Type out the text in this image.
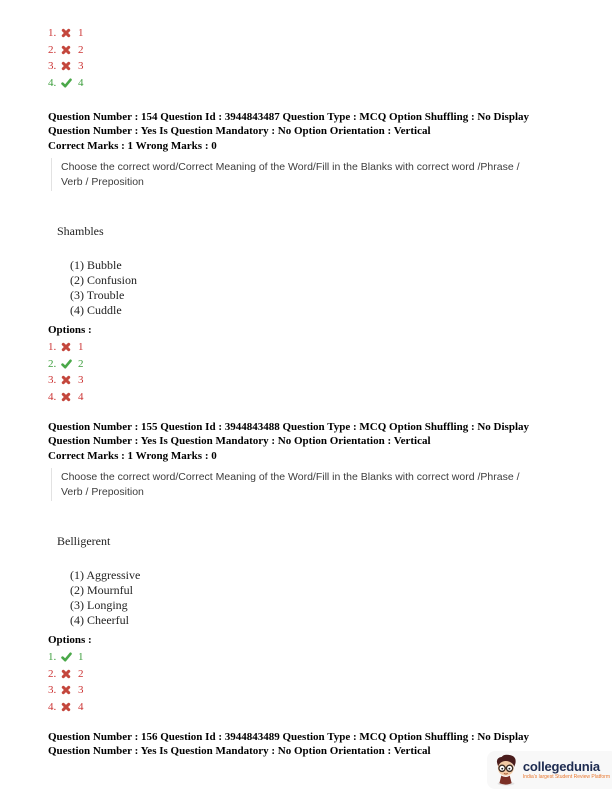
1.	1
2.	2
3.	3
4.	4

Question Number : 154 Question Id : 3944843487 Question Type : MCQ Option Shuffling : No Display

Question Number : Yes Is Question Mandatory : No Option Orientation : Vertical

Correct Marks : 1 Wrong Marks : 0

Choose the correct word/Correct Meaning of the Word/Fill in the Blanks with correct word /Phrase / Verb / Preposition

Shambles

(1) Bubble
(2) Confusion
(3) Trouble
(4) Cuddle

Options :

1.	1
2.	2
3.	3
4.	4

Question Number : 155 Question Id : 3944843488 Question Type : MCQ Option Shuffling : No Display

Question Number : Yes Is Question Mandatory : No Option Orientation : Vertical

Correct Marks : 1 Wrong Marks : 0

Choose the correct word/Correct Meaning of the Word/Fill in the Blanks with correct word /Phrase / Verb / Preposition

Belligerent

(1) Aggressive
(2) Mournful
(3) Longing
(4) Cheerful

Options :

1.	1
2.	2
3.	3
4.	4

Question Number : 156 Question Id : 3944843489 Question Type : MCQ Option Shuffling : No Display

Question Number : Yes Is Question Mandatory : No Option Orientation : Vertical

collegedunia
India's largest Student Review Platform
